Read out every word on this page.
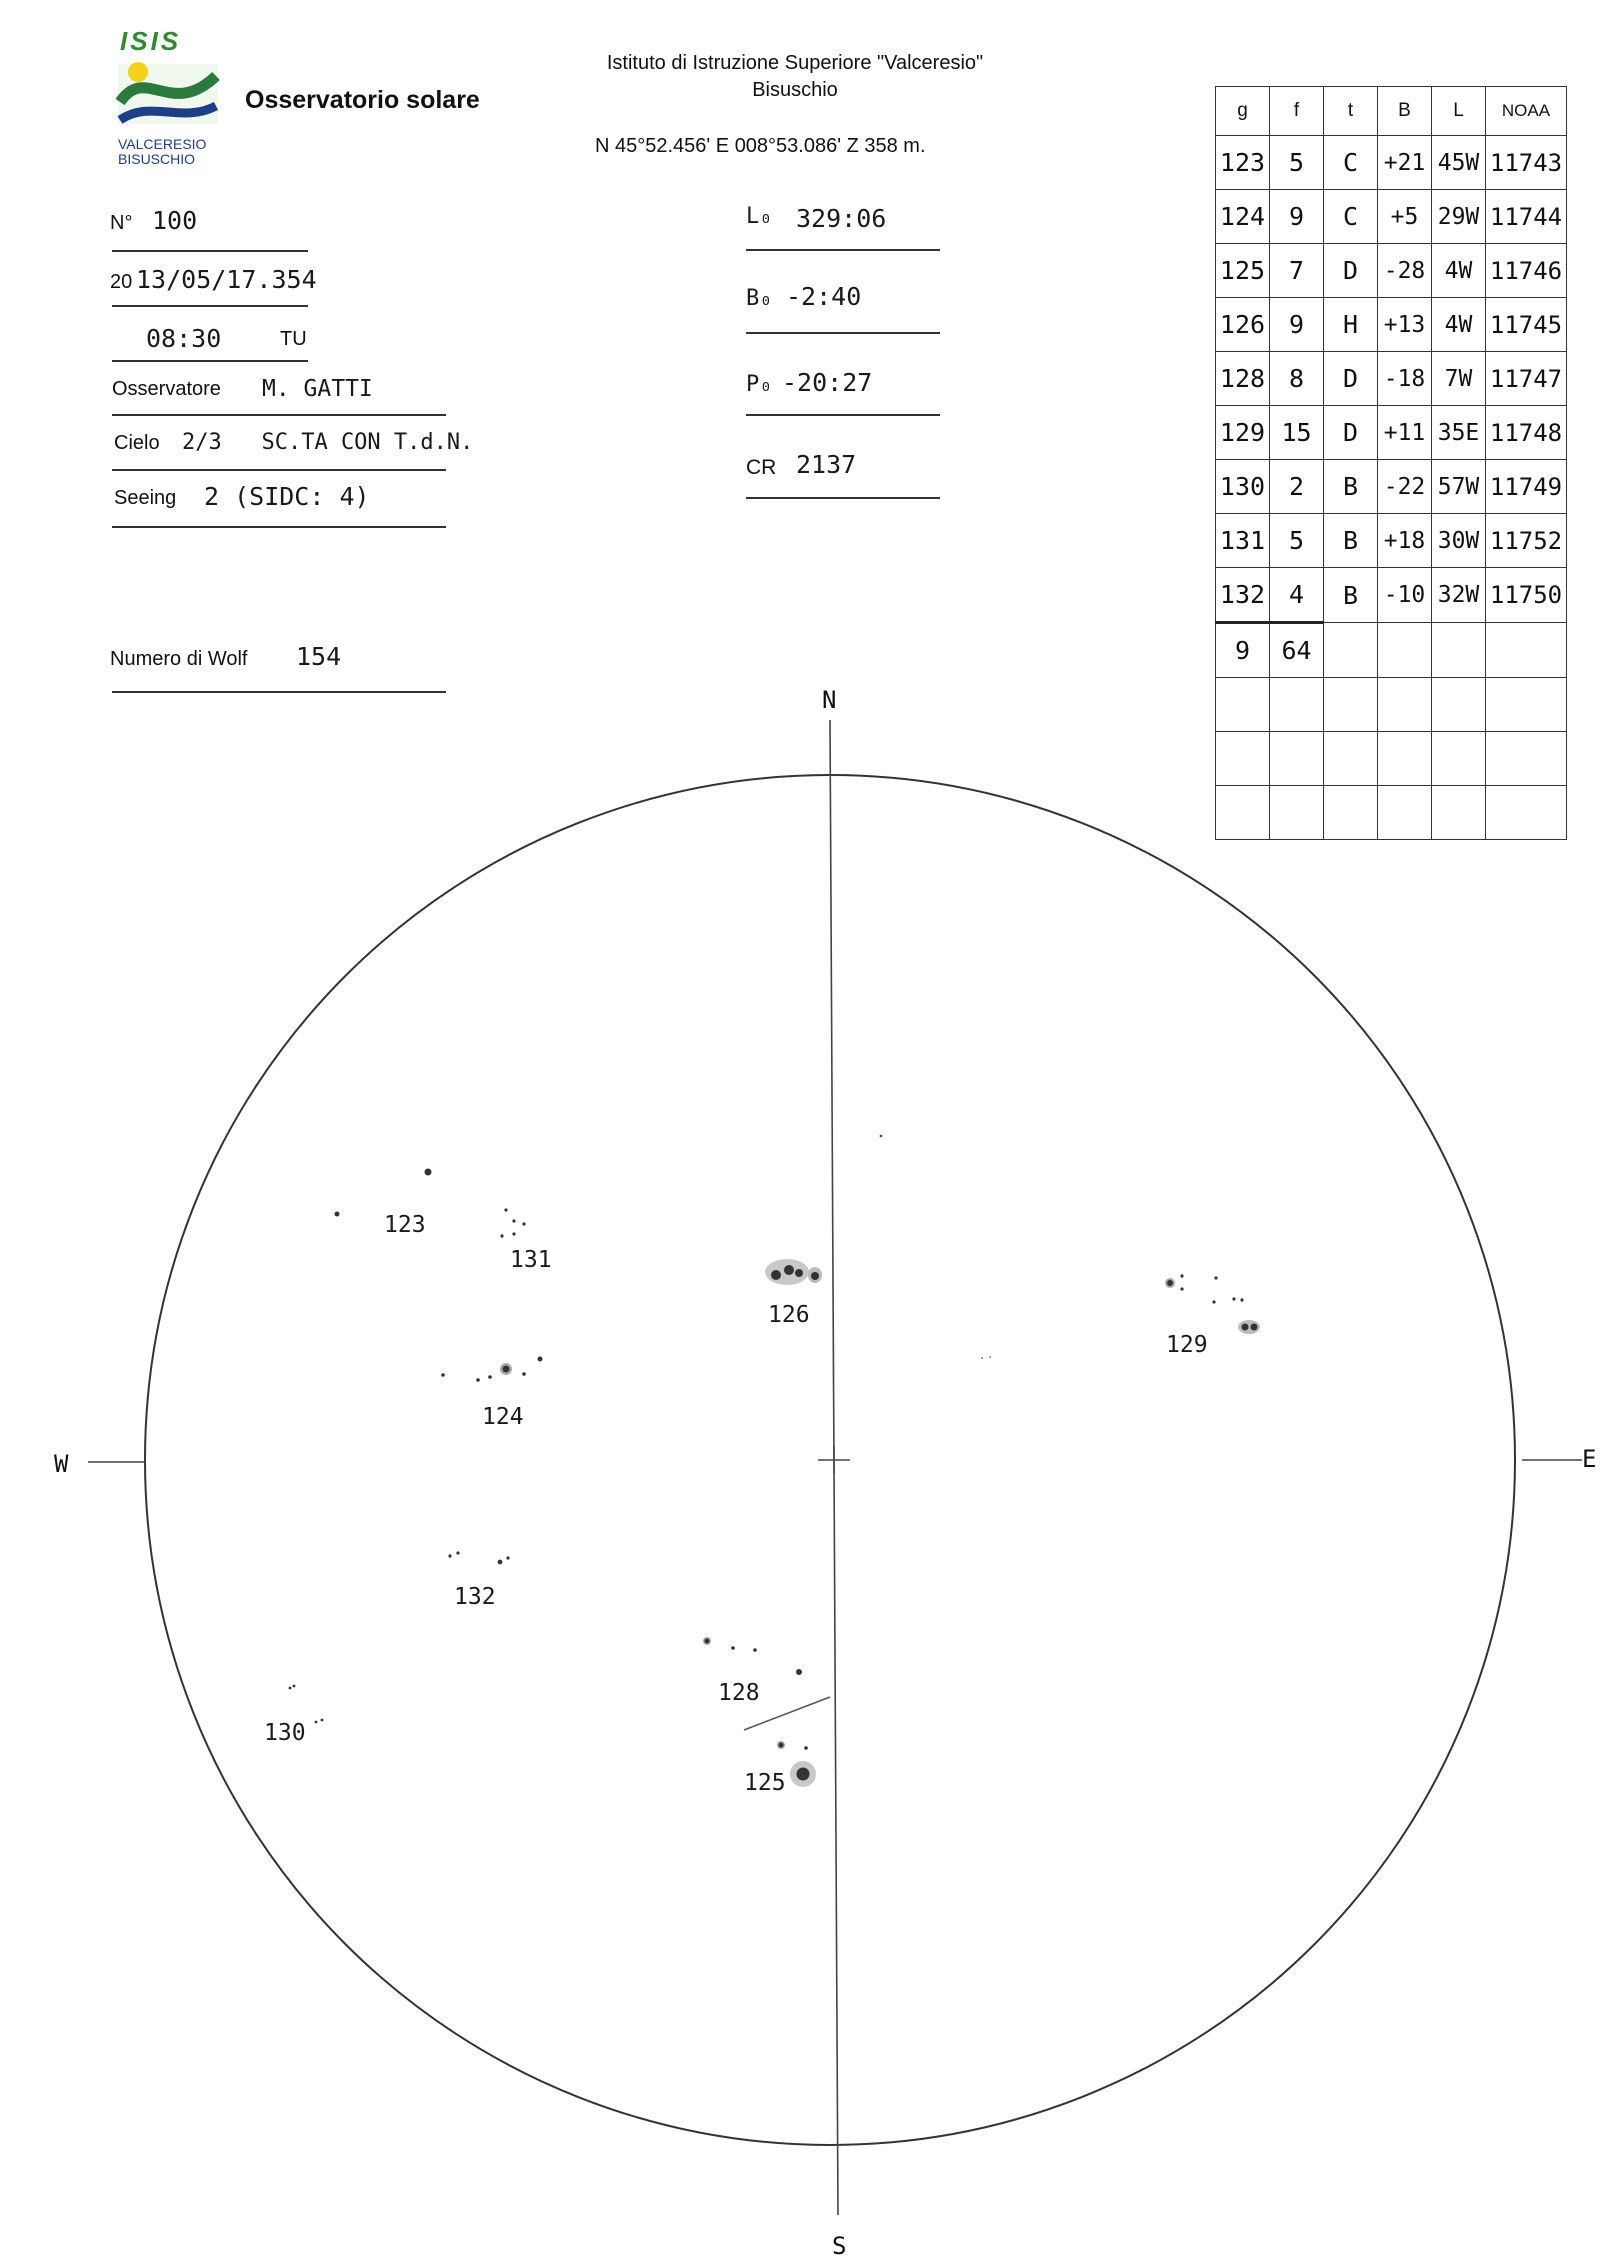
ISIS
VALCERESIO
BISUSCHIO
Osservatorio solare
Istituto di Istruzione Superiore "Valceresio"
Bisuschio
N 45°52.456' E 008°53.086' Z 358 m.
N° 100
20 13/05/17.354
08:30	TU
Osservatore M. GATTI
Cielo 2/3   SC.TA CON T.d.N.
Seeing 2 (SIDC: 4)
Numero di Wolf 154
L₀ 329:06
B₀ -2:40
P₀ -20:27
CR 2137
g	f	t	B	L	NOAA
123	5	C	+21	45W	11743
124	9	C	+5	29W	11744
125	7	D	-28	4W	11746
126	9	H	+13	4W	11745
128	8	D	-18	7W	11747
129	15	D	+11	35E	11748
130	2	B	-22	57W	11749
131	5	B	+18	30W	11752
132	4	B	-10	32W	11750
9	64				

N
S
W	E
123
131
126
129
124
132
128
130
125
